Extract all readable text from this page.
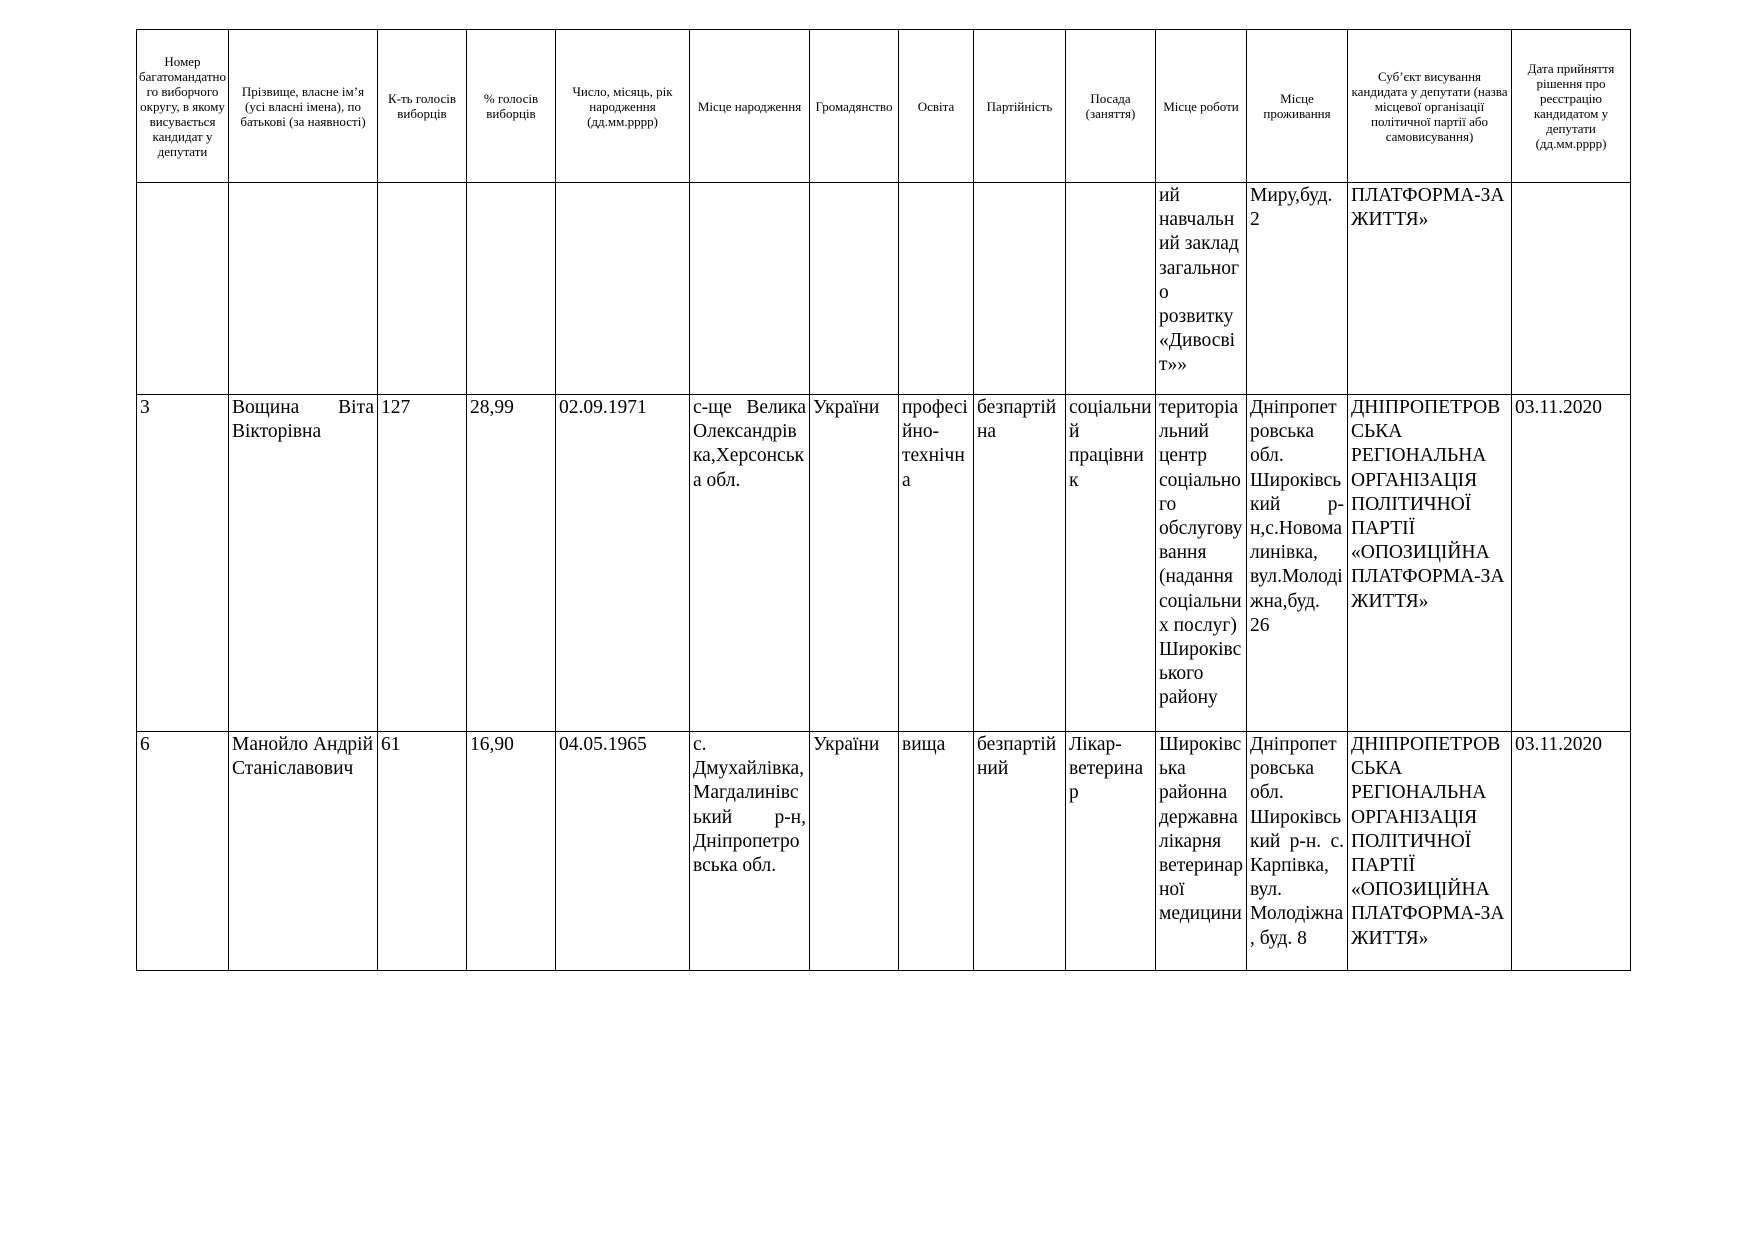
Номер багатомандатного виборчого округу, в якому висувається кандидат у депутати	Прізвище, власне ім’я (усі власні імена), по батькові (за наявності)	К-ть голосів виборців	% голосів виборців	Число, місяць, рік народження (дд.мм.рррр)	Місце народження	Громадянство	Освіта	Партійність	Посада (заняття)	Місце роботи	Місце проживання	Суб’єкт висування кандидата у депутати (назва місцевої організації політичної партії або самовисування)	Дата прийняття рішення про реєстрацію кандидатом у депутати (дд.мм.рррр)
										ий навчальний заклад загального розвитку «Дивосвіт»»	Миру,буд. 2	ПЛАТФОРМА-ЗА ЖИТТЯ»	
3	Вощина Віта Вікторівна	127	28,99	02.09.1971	с-ще Велика Олександрівка,Херсонська обл.	України	професійно-технічна	безпартійна	соціальний працівник	територіальний центр соціального обслуговування (надання соціальних послуг) Широківського району	Дніпропетровська обл. Широківський р-н,с.Новомалинівка, вул.Молодіжна,буд. 26	ДНІПРОПЕТРОВСЬКА РЕГІОНАЛЬНА ОРГАНІЗАЦІЯ ПОЛІТИЧНОЇ ПАРТІЇ «ОПОЗИЦІЙНА ПЛАТФОРМА-ЗА ЖИТТЯ»	03.11.2020
6	Манойло Андрій Станіславович	61	16,90	04.05.1965	с. Дмухайлівка, Магдалинівський р-н, Дніпропетровська обл.	України	вища	безпартійний	Лікар-ветеринар	Широківська районна державна лікарня ветеринарної медицини	Дніпропетровська обл. Широківський р-н. с. Карпівка, вул. Молодіжна, буд. 8	ДНІПРОПЕТРОВСЬКА РЕГІОНАЛЬНА ОРГАНІЗАЦІЯ ПОЛІТИЧНОЇ ПАРТІЇ «ОПОЗИЦІЙНА ПЛАТФОРМА-ЗА ЖИТТЯ»	03.11.2020
